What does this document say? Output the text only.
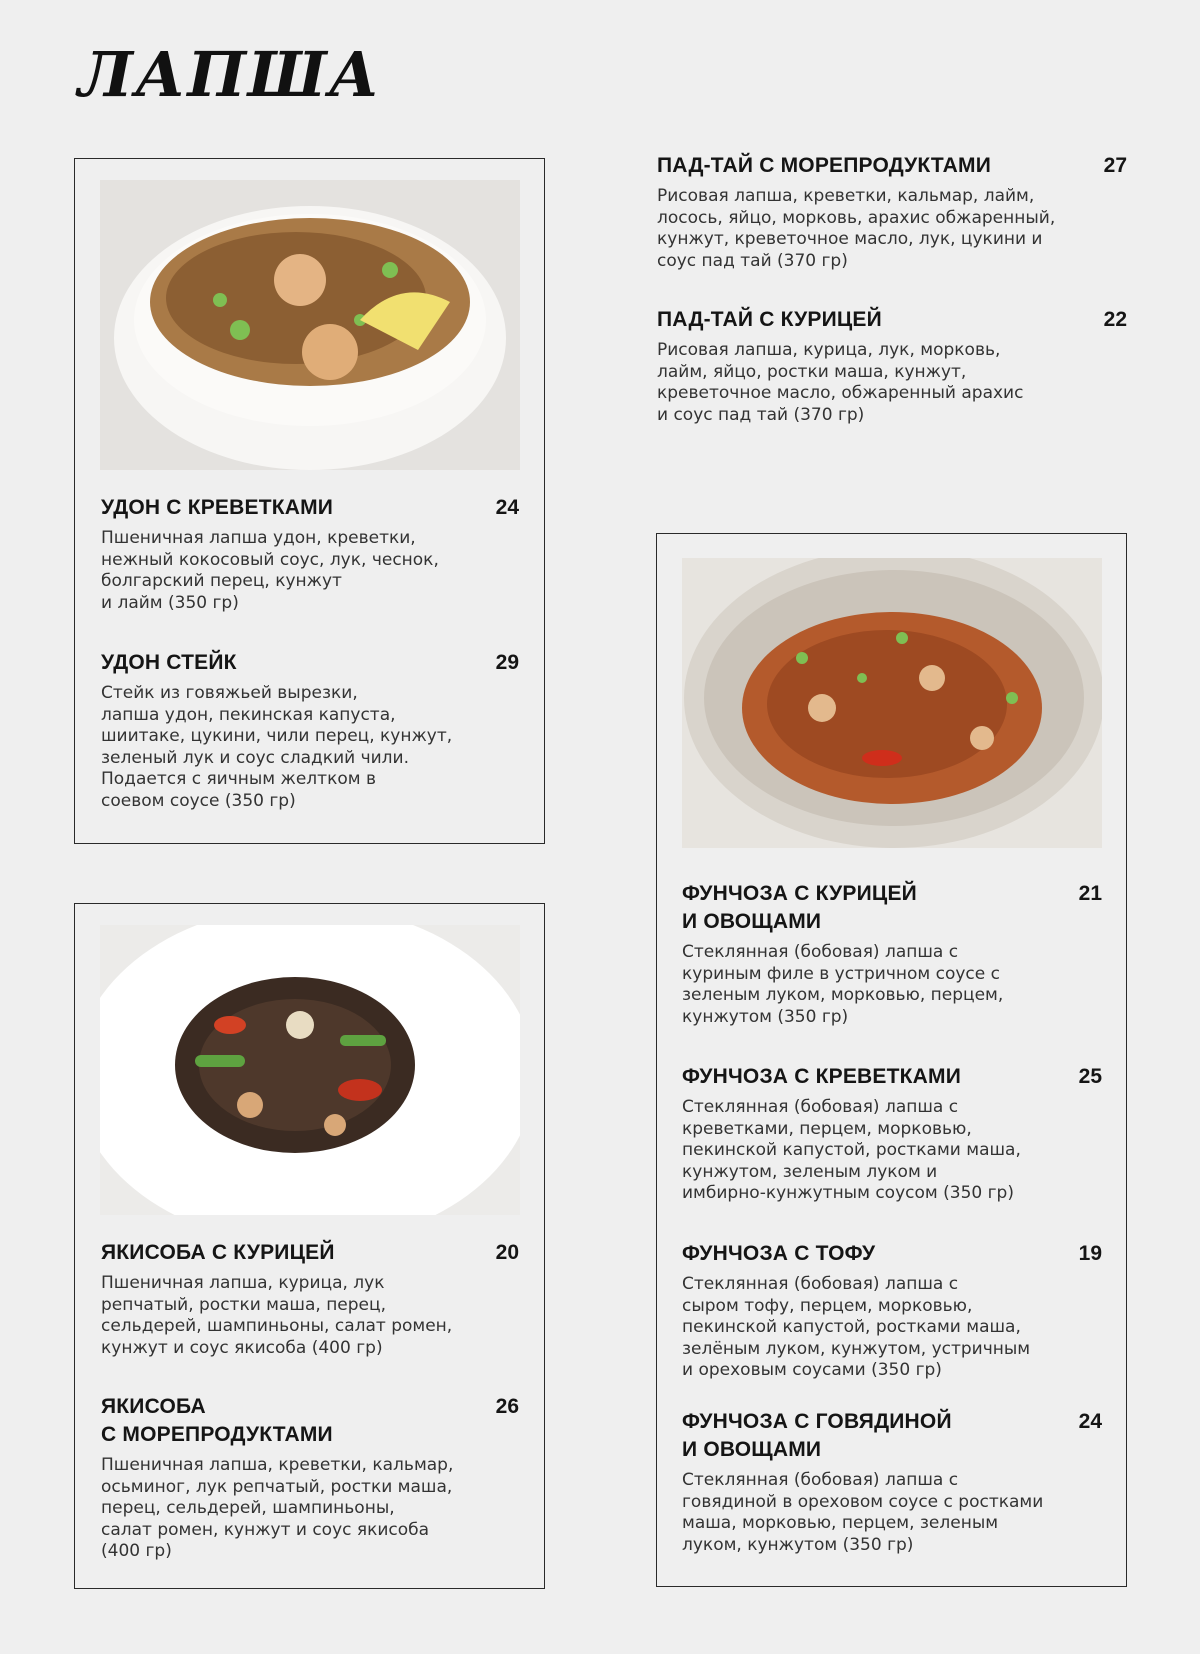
ЛАПША
УДОН С КРЕВЕТКАМИ	24
Пшеничная лапша удон, креветки,
нежный кокосовый соус, лук, чеснок,
болгарский перец, кунжут
и лайм (350 гр)
УДОН СТЕЙК	29
Стейк из говяжьей вырезки,
лапша удон, пекинская капуста,
шиитаке, цукини, чили перец, кунжут,
зеленый лук и соус сладкий чили.
Подается с яичным желтком в
соевом соусе (350 гр)
ЯКИСОБА С КУРИЦЕЙ	20
Пшеничная лапша, курица, лук
репчатый, ростки маша, перец,
сельдерей, шампиньоны, салат ромен,
кунжут и соус якисоба (400 гр)
ЯКИСОБА
С МОРЕПРОДУКТАМИ
26
Пшеничная лапша, креветки, кальмар,
осьминог, лук репчатый, ростки маша,
перец, сельдерей, шампиньоны,
салат ромен, кунжут и соус якисоба
(400 гр)
ПАД-ТАЙ С МОРЕПРОДУКТАМИ	27
Рисовая лапша, креветки, кальмар, лайм,
лосось, яйцо, морковь, арахис обжаренный,
кунжут, креветочное масло, лук, цукини и
соус пад тай (370 гр)
ПАД-ТАЙ С КУРИЦЕЙ	22
Рисовая лапша, курица, лук, морковь,
лайм, яйцо, ростки маша, кунжут,
креветочное масло, обжаренный арахис
и соус пад тай (370 гр)
ФУНЧОЗА С КУРИЦЕЙ
И ОВОЩАМИ
21
Стеклянная (бобовая) лапша с
куриным филе в устричном соусе с
зеленым луком, морковью, перцем,
кунжутом (350 гр)
ФУНЧОЗА С КРЕВЕТКАМИ	25
Стеклянная (бобовая) лапша с
креветками, перцем, морковью,
пекинской капустой, ростками маша,
кунжутом, зеленым луком и
имбирно-кунжутным соусом (350 гр)
ФУНЧОЗА С ТОФУ	19
Стеклянная (бобовая) лапша с
сыром тофу, перцем, морковью,
пекинской капустой, ростками маша,
зелёным луком, кунжутом, устричным
и ореховым соусами (350 гр)
ФУНЧОЗА С ГОВЯДИНОЙ
И ОВОЩАМИ
24
Стеклянная (бобовая) лапша с
говядиной в ореховом соусе с ростками
маша, морковью, перцем, зеленым
луком, кунжутом (350 гр)
